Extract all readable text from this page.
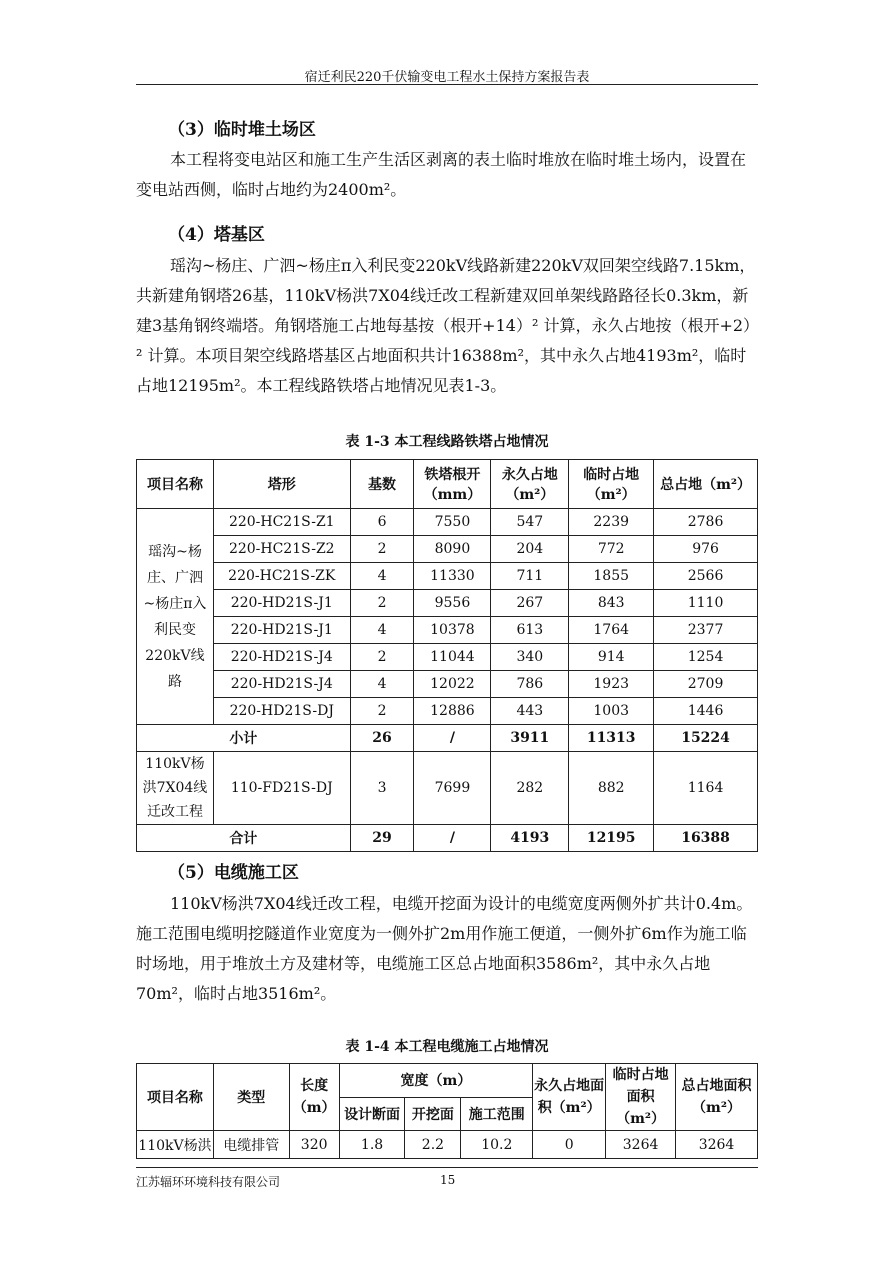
宿迁利民220千伏输变电工程水土保持方案报告表
（3）临时堆土场区

本工程将变电站区和施工生产生活区剥离的表土临时堆放在临时堆土场内，设置在变电站西侧，临时占地约为2400m²。

（4）塔基区

瑶沟~杨庄、广泗~杨庄π入利民变220kV线路新建220kV双回架空线路7.15km，共新建角钢塔26基，110kV杨洪7X04线迁改工程新建双回单架线路路径长0.3km，新建3基角钢终端塔。角钢塔施工占地每基按（根开+14）² 计算，永久占地按（根开+2）² 计算。本项目架空线路塔基区占地面积共计16388m²，其中永久占地4193m²，临时占地12195m²。本工程线路铁塔占地情况见表1-3。

表 1-3 本工程线路铁塔占地情况
项目名称	塔形	基数	铁塔根开（mm）	永久占地（m²）	临时占地（m²）	总占地（m²）
瑶沟~杨庄、广泗~杨庄π入利民变220kV线路	220-HC21S-Z1	6	7550	547	2239	2786
	220-HC21S-Z2	2	8090	204	772	976
	220-HC21S-ZK	4	11330	711	1855	2566
	220-HD21S-J1	2	9556	267	843	1110
	220-HD21S-J1	4	10378	613	1764	2377
	220-HD21S-J4	2	11044	340	914	1254
	220-HD21S-J4	4	12022	786	1923	2709
	220-HD21S-DJ	2	12886	443	1003	1446
小计		26	/	3911	11313	15224
110kV杨洪7X04线迁改工程	110-FD21S-DJ	3	7699	282	882	1164
合计		29	/	4193	12195	16388
（5）电缆施工区

110kV杨洪7X04线迁改工程，电缆开挖面为设计的电缆宽度两侧外扩共计0.4m。施工范围电缆明挖隧道作业宽度为一侧外扩2m用作施工便道，一侧外扩6m作为施工临时场地，用于堆放土方及建材等，电缆施工区总占地面积3586m²，其中永久占地70m²，临时占地3516m²。

表 1-4 本工程电缆施工占地情况
项目名称	类型	长度（m）	宽度（m）			永久占地面积（m²）	临时占地面积（m²）	总占地面积（m²）
			设计断面	开挖面	施工范围			
110kV杨洪	电缆排管	320	1.8	2.2	10.2	0	3264	3264
江苏辐环环境科技有限公司	15
